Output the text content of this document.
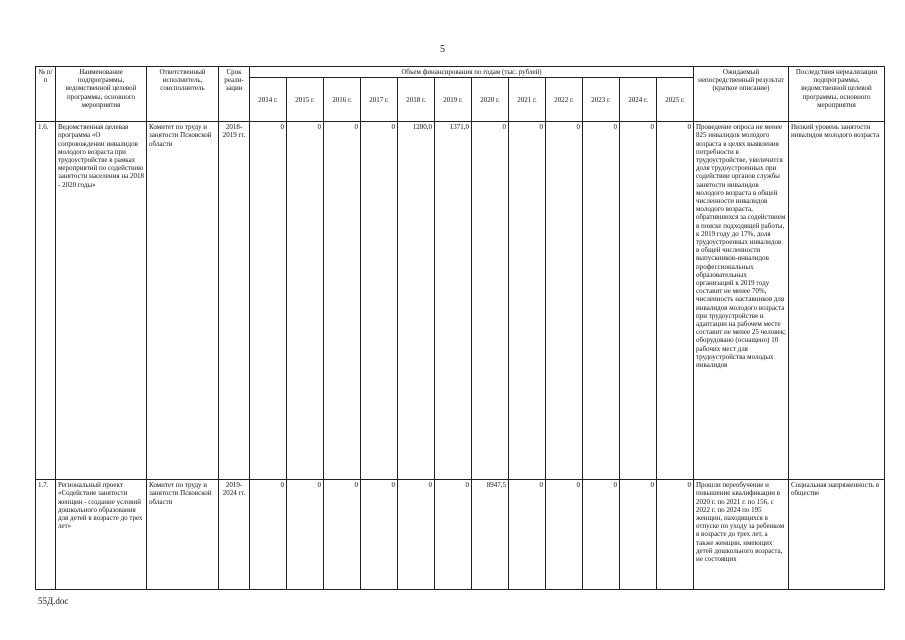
5
№ п/п	Наименование подпрограммы, ведомственной целевой программы, основного мероприятия	Ответственный исполнитель, соисполнитель	Срок реали-зации	Объем финансирования по годам (тыс. рублей)												Ожидаемый непосредственный результат (краткое описание)	Последствия нереализации подпрограммы, ведомственной целевой программы, основного мероприятия
				2014 г.	2015 г.	2016 г.	2017 г.	2018 г.	2019 г.	2020 г.	2021 г.	2022 г.	2023 г.	2024 г.	2025 г.		
1.6.	Ведомственная целевая программа «О сопровождении инвалидов молодого возраста при трудоустройстве в рамках мероприятий по содействию занятости населения на 2018 - 2020 годы»	Комитет по труду и занятости Псковской области	2018-2019 гг.	0	0	0	0	1280,0	1371,0	0	0	0	0	0	0	Проведение опроса не менее 825 инвалидов молодого возраста в целях выявления потребности в трудоустройстве, увеличится доля трудоустроенных при содействии органов службы занятости инвалидов молодого возраста в общей численности инвалидов молодого возраста, обратившихся за содействием в поиске подходящей работы, к 2019 году до 17%, доля трудоустроенных инвалидов в общей численности выпускников-инвалидов профессиональных образовательных организаций к 2019 году составит не менее 70%, численность наставников для инвалидов молодого возраста при трудоустройстве и адаптации на рабочем месте составит не менее 25 человек; оборудовано (оснащено) 10 рабочих мест для трудоустройства молодых инвалидов	Низкий уровень занятости инвалидов молодого возраста
1.7.	Региональный проект «Содействие занятости женщин - создание условий дошкольного образования для детей в возрасте до трех лет»	Комитет по труду и занятости Псковской области	2019-2024 гг.	0	0	0	0	0	0	8947,5	0	0	0	0	0	Прошли переобучение и повышение квалификации в 2020 г. по 2021 г. по 156, с 2022 г. по 2024 по 195 женщин, находящихся в отпуске по уходу за ребенком в возрасте до трех лет, а также женщин, имеющих детей дошкольного возраста, не состоящих	Социальная напряженность в обществе
55Д.doc
